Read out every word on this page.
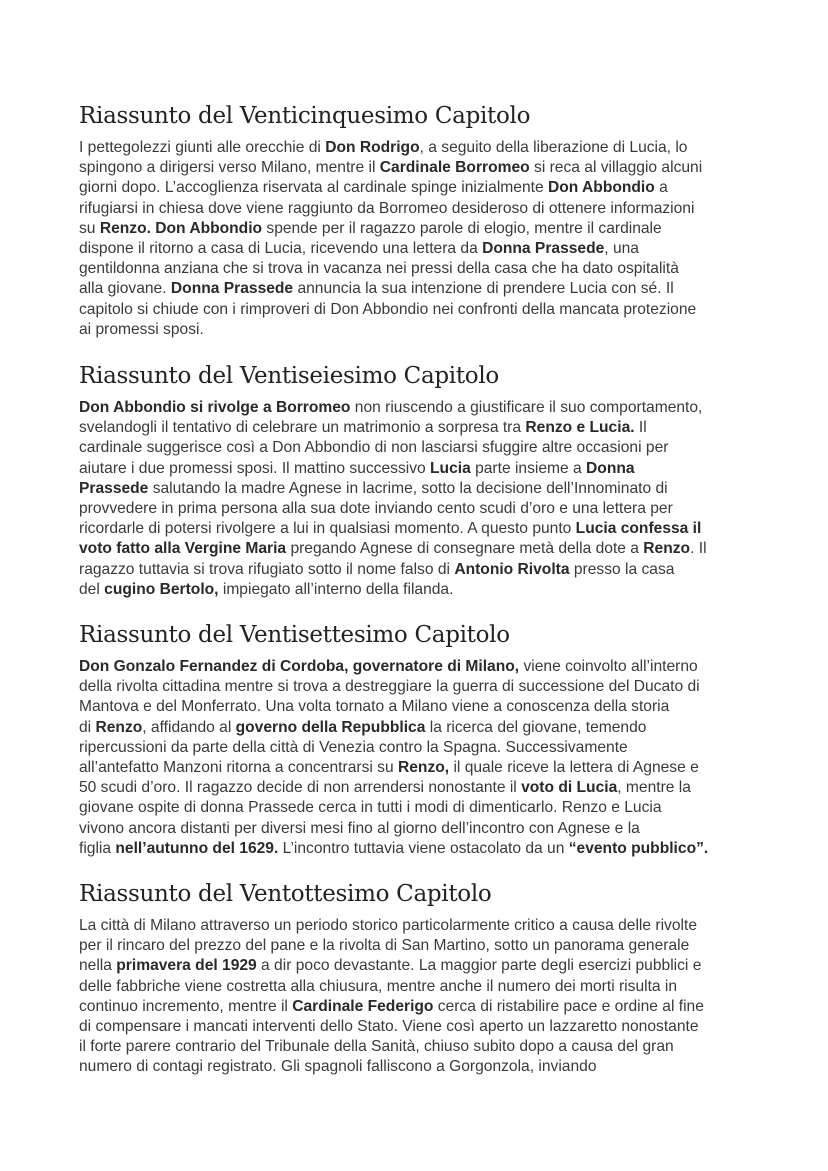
Riassunto del Venticinquesimo Capitolo
I pettegolezzi giunti alle orecchie di Don Rodrigo, a seguito della liberazione di Lucia, lo
spingono a dirigersi verso Milano, mentre il Cardinale Borromeo si reca al villaggio alcuni
giorni dopo. L’accoglienza riservata al cardinale spinge inizialmente Don Abbondio a
rifugiarsi in chiesa dove viene raggiunto da Borromeo desideroso di ottenere informazioni
su Renzo. Don Abbondio spende per il ragazzo parole di elogio, mentre il cardinale
dispone il ritorno a casa di Lucia, ricevendo una lettera da Donna Prassede, una
gentildonna anziana che si trova in vacanza nei pressi della casa che ha dato ospitalità
alla giovane. Donna Prassede annuncia la sua intenzione di prendere Lucia con sé. Il
capitolo si chiude con i rimproveri di Don Abbondio nei confronti della mancata protezione
ai promessi sposi.
Riassunto del Ventiseiesimo Capitolo
Don Abbondio si rivolge a Borromeo non riuscendo a giustificare il suo comportamento,
svelandogli il tentativo di celebrare un matrimonio a sorpresa tra Renzo e Lucia. Il
cardinale suggerisce così a Don Abbondio di non lasciarsi sfuggire altre occasioni per
aiutare i due promessi sposi. Il mattino successivo Lucia parte insieme a Donna
Prassede salutando la madre Agnese in lacrime, sotto la decisione dell’Innominato di
provvedere in prima persona alla sua dote inviando cento scudi d’oro e una lettera per
ricordarle di potersi rivolgere a lui in qualsiasi momento. A questo punto Lucia confessa il
voto fatto alla Vergine Maria pregando Agnese di consegnare metà della dote a Renzo. Il
ragazzo tuttavia si trova rifugiato sotto il nome falso di Antonio Rivolta presso la casa
del cugino Bertolo, impiegato all’interno della filanda.
Riassunto del Ventisettesimo Capitolo
Don Gonzalo Fernandez di Cordoba, governatore di Milano, viene coinvolto all’interno
della rivolta cittadina mentre si trova a destreggiare la guerra di successione del Ducato di
Mantova e del Monferrato. Una volta tornato a Milano viene a conoscenza della storia
di Renzo, affidando al governo della Repubblica la ricerca del giovane, temendo
ripercussioni da parte della città di Venezia contro la Spagna. Successivamente
all’antefatto Manzoni ritorna a concentrarsi su Renzo, il quale riceve la lettera di Agnese e
50 scudi d’oro. Il ragazzo decide di non arrendersi nonostante il voto di Lucia, mentre la
giovane ospite di donna Prassede cerca in tutti i modi di dimenticarlo. Renzo e Lucia
vivono ancora distanti per diversi mesi fino al giorno dell’incontro con Agnese e la
figlia nell’autunno del 1629. L’incontro tuttavia viene ostacolato da un “evento pubblico”.
Riassunto del Ventottesimo Capitolo
La città di Milano attraverso un periodo storico particolarmente critico a causa delle rivolte
per il rincaro del prezzo del pane e la rivolta di San Martino, sotto un panorama generale
nella primavera del 1929 a dir poco devastante. La maggior parte degli esercizi pubblici e
delle fabbriche viene costretta alla chiusura, mentre anche il numero dei morti risulta in
continuo incremento, mentre il Cardinale Federigo cerca di ristabilire pace e ordine al fine
di compensare i mancati interventi dello Stato. Viene così aperto un lazzaretto nonostante
il forte parere contrario del Tribunale della Sanità, chiuso subito dopo a causa del gran
numero di contagi registrato. Gli spagnoli falliscono a Gorgonzola, inviando
